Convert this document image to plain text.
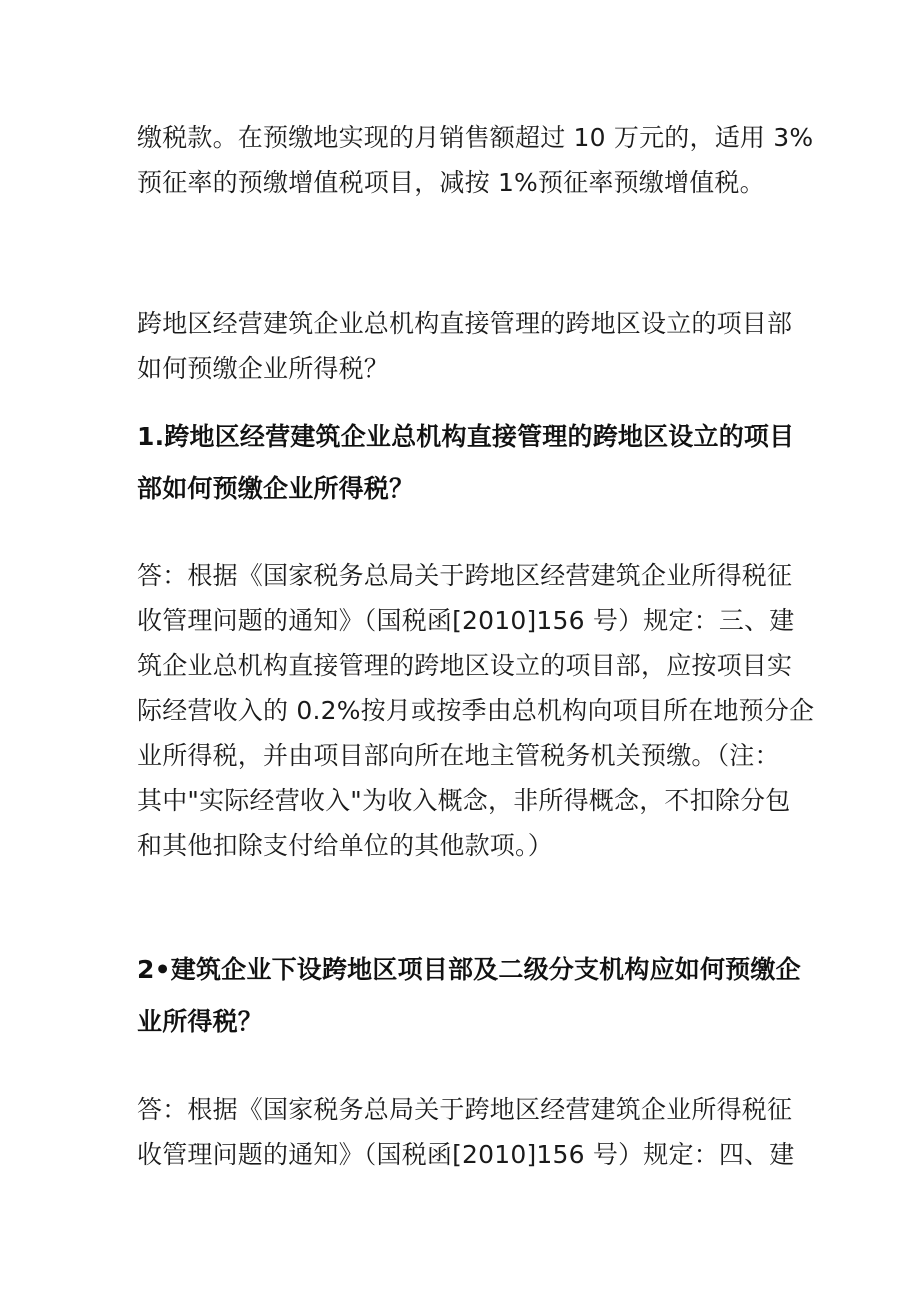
缴税款。在预缴地实现的月销售额超过 10 万元的，适用 3%
预征率的预缴增值税项目，减按 1%预征率预缴增值税。

跨地区经营建筑企业总机构直接管理的跨地区设立的项目部
如何预缴企业所得税？

1.跨地区经营建筑企业总机构直接管理的跨地区设立的项目
部如何预缴企业所得税？

答：根据《国家税务总局关于跨地区经营建筑企业所得税征
收管理问题的通知》（国税函[2010]156 号）规定：三、建
筑企业总机构直接管理的跨地区设立的项目部，应按项目实
际经营收入的 0.2%按月或按季由总机构向项目所在地预分企
业所得税，并由项目部向所在地主管税务机关预缴。（注：
其中"实际经营收入"为收入概念，非所得概念，不扣除分包
和其他扣除支付给单位的其他款项。）

2•建筑企业下设跨地区项目部及二级分支机构应如何预缴企
业所得税？

答：根据《国家税务总局关于跨地区经营建筑企业所得税征
收管理问题的通知》（国税函[2010]156 号）规定：四、建
